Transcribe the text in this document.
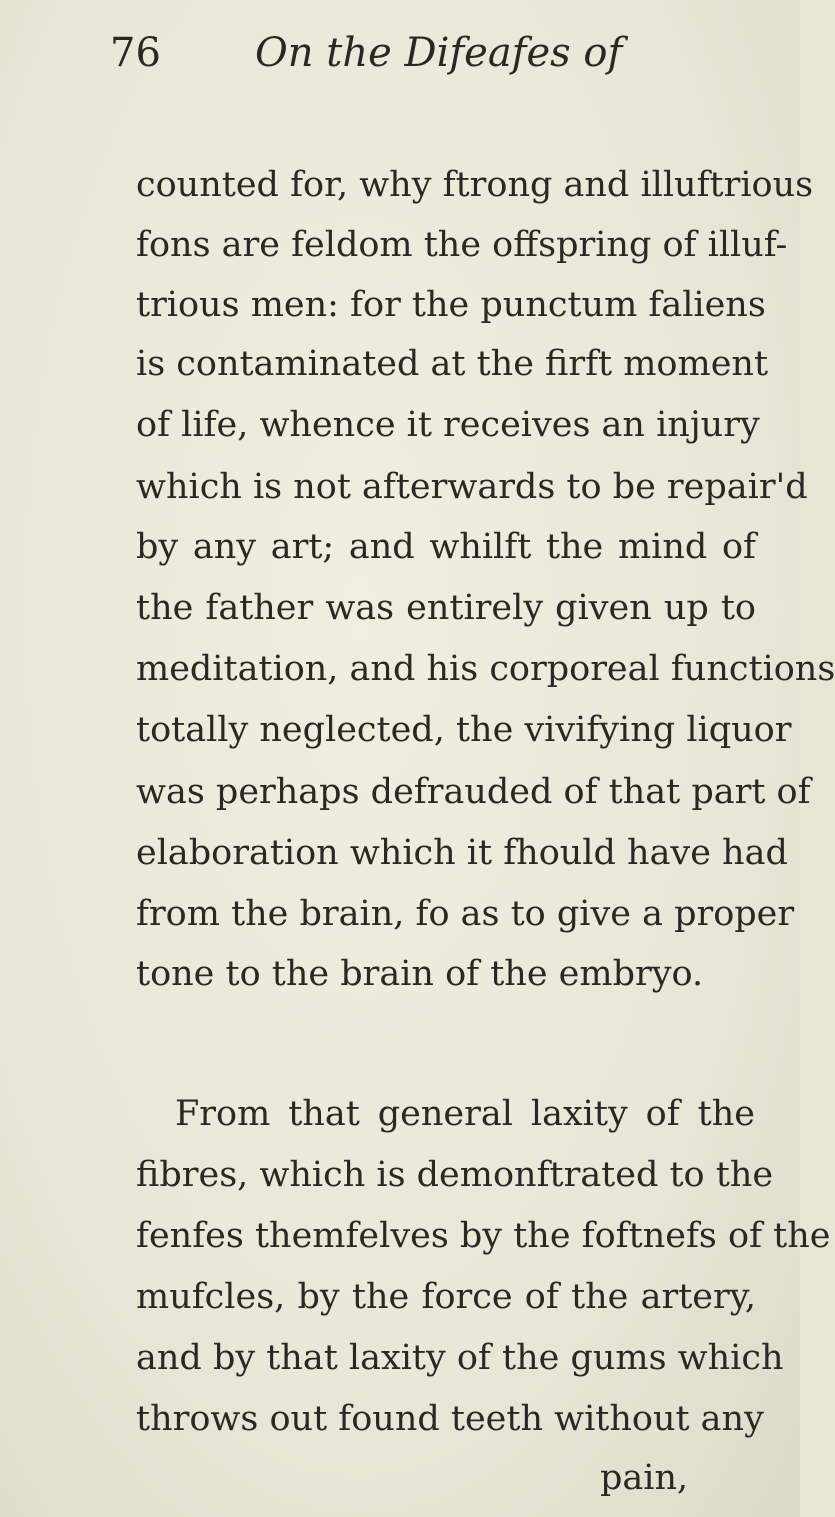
76 On the Difeafes of
counted for, why ftrong and illuftrious
fons are feldom the offspring of illuf-
trious men: for the punctum faliens
is contaminated at the firft moment
of life, whence it receives an injury
which is not afterwards to be repair'd
by any art; and whilft the mind of
the father was entirely given up to
meditation, and his corporeal functions
totally neglected, the vivifying liquor
was perhaps defrauded of that part of
elaboration which it fhould have had
from the brain, fo as to give a proper
tone to the brain of the embryo.
From that general laxity of the
fibres, which is demonftrated to the
fenfes themfelves by the foftnefs of the
mufcles, by the force of the artery,
and by that laxity of the gums which
throws out found teeth without any
pain,
